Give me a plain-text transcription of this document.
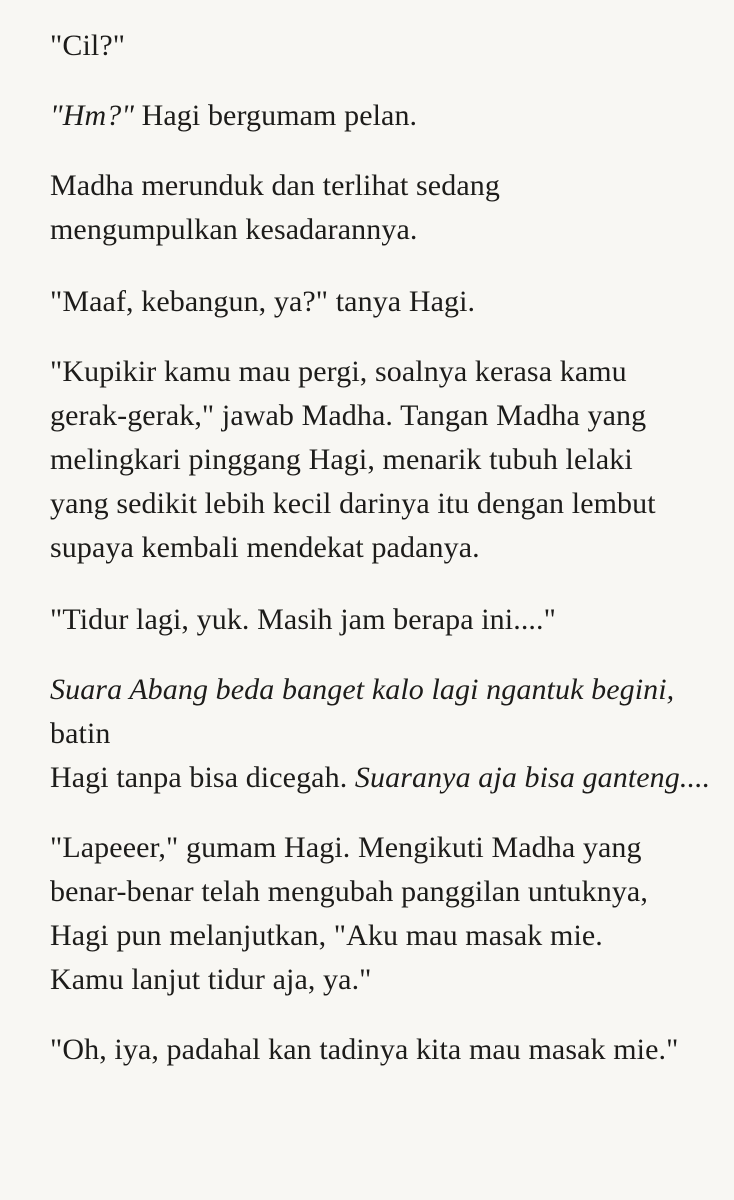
"Cil?"

"Hm?" Hagi bergumam pelan.

Madha merunduk dan terlihat sedang
mengumpulkan kesadarannya.

"Maaf, kebangun, ya?" tanya Hagi.

"Kupikir kamu mau pergi, soalnya kerasa kamu
gerak-gerak," jawab Madha. Tangan Madha yang
melingkari pinggang Hagi, menarik tubuh lelaki
yang sedikit lebih kecil darinya itu dengan lembut
supaya kembali mendekat padanya.

"Tidur lagi, yuk. Masih jam berapa ini...."

Suara Abang beda banget kalo lagi ngantuk begini, batin
Hagi tanpa bisa dicegah. Suaranya aja bisa ganteng....

"Lapeeer," gumam Hagi. Mengikuti Madha yang
benar-benar telah mengubah panggilan untuknya,
Hagi pun melanjutkan, "Aku mau masak mie.
Kamu lanjut tidur aja, ya."

"Oh, iya, padahal kan tadinya kita mau masak mie."
